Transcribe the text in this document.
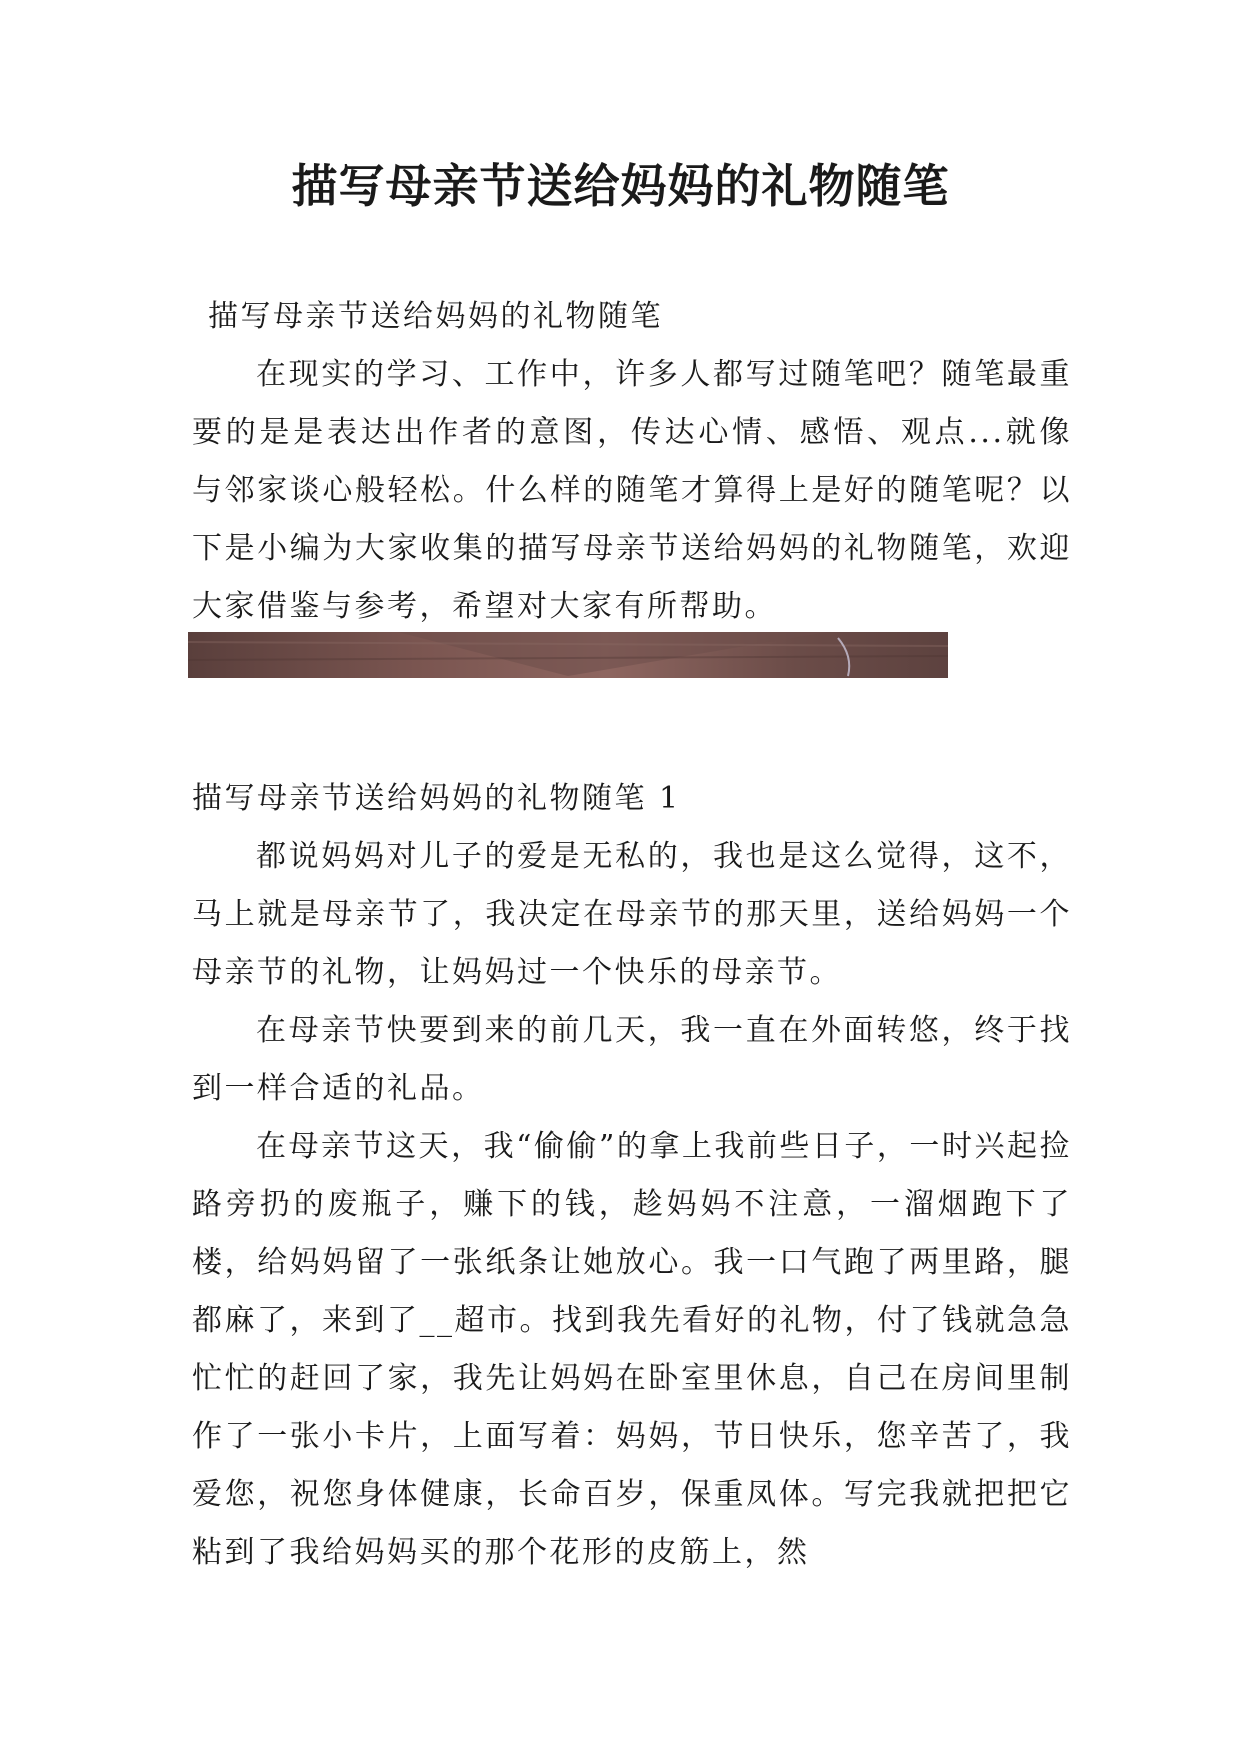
描写母亲节送给妈妈的礼物随笔

描写母亲节送给妈妈的礼物随笔

在现实的学习、工作中，许多人都写过随笔吧？随笔最重要的是是表达出作者的意图，传达心情、感悟、观点...就像与邻家谈心般轻松。什么样的随笔才算得上是好的随笔呢？以下是小编为大家收集的描写母亲节送给妈妈的礼物随笔，欢迎大家借鉴与参考，希望对大家有所帮助。

描写母亲节送给妈妈的礼物随笔 1

都说妈妈对儿子的爱是无私的，我也是这么觉得，这不，马上就是母亲节了，我决定在母亲节的那天里，送给妈妈一个母亲节的礼物，让妈妈过一个快乐的母亲节。

在母亲节快要到来的前几天，我一直在外面转悠，终于找到一样合适的礼品。

在母亲节这天，我“偷偷”的拿上我前些日子，一时兴起捡路旁扔的废瓶子，赚下的钱，趁妈妈不注意，一溜烟跑下了楼，给妈妈留了一张纸条让她放心。我一口气跑了两里路，腿都麻了，来到了__超市。找到我先看好的礼物，付了钱就急急忙忙的赶回了家，我先让妈妈在卧室里休息，自己在房间里制作了一张小卡片，上面写着：妈妈，节日快乐，您辛苦了，我爱您，祝您身体健康，长命百岁，保重凤体。写完我就把把它粘到了我给妈妈买的那个花形的皮筋上，然
